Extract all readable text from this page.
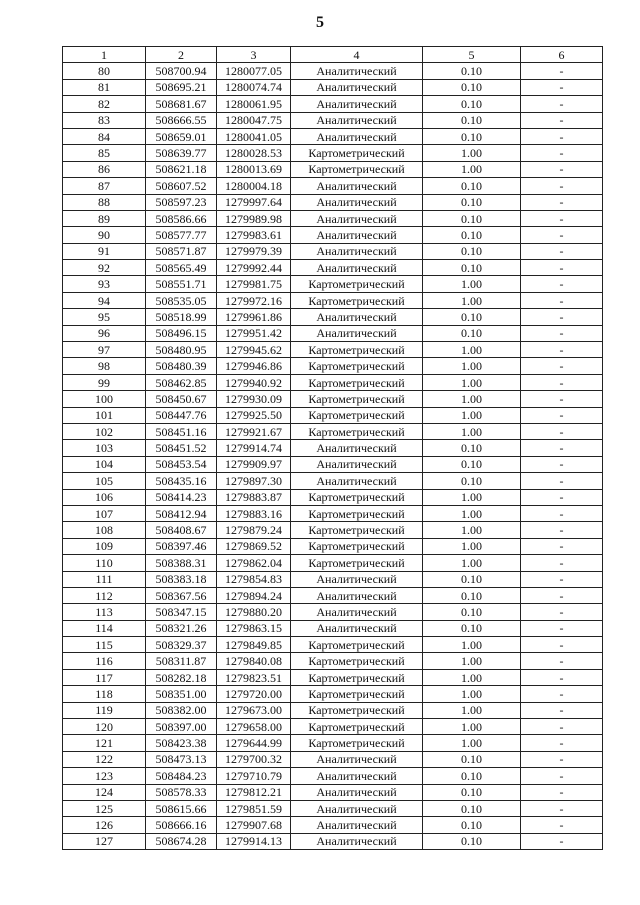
5
1	2	3	4	5	6
80	508700.94	1280077.05	Аналитический	0.10	-
81	508695.21	1280074.74	Аналитический	0.10	-
82	508681.67	1280061.95	Аналитический	0.10	-
83	508666.55	1280047.75	Аналитический	0.10	-
84	508659.01	1280041.05	Аналитический	0.10	-
85	508639.77	1280028.53	Картометрический	1.00	-
86	508621.18	1280013.69	Картометрический	1.00	-
87	508607.52	1280004.18	Аналитический	0.10	-
88	508597.23	1279997.64	Аналитический	0.10	-
89	508586.66	1279989.98	Аналитический	0.10	-
90	508577.77	1279983.61	Аналитический	0.10	-
91	508571.87	1279979.39	Аналитический	0.10	-
92	508565.49	1279992.44	Аналитический	0.10	-
93	508551.71	1279981.75	Картометрический	1.00	-
94	508535.05	1279972.16	Картометрический	1.00	-
95	508518.99	1279961.86	Аналитический	0.10	-
96	508496.15	1279951.42	Аналитический	0.10	-
97	508480.95	1279945.62	Картометрический	1.00	-
98	508480.39	1279946.86	Картометрический	1.00	-
99	508462.85	1279940.92	Картометрический	1.00	-
100	508450.67	1279930.09	Картометрический	1.00	-
101	508447.76	1279925.50	Картометрический	1.00	-
102	508451.16	1279921.67	Картометрический	1.00	-
103	508451.52	1279914.74	Аналитический	0.10	-
104	508453.54	1279909.97	Аналитический	0.10	-
105	508435.16	1279897.30	Аналитический	0.10	-
106	508414.23	1279883.87	Картометрический	1.00	-
107	508412.94	1279883.16	Картометрический	1.00	-
108	508408.67	1279879.24	Картометрический	1.00	-
109	508397.46	1279869.52	Картометрический	1.00	-
110	508388.31	1279862.04	Картометрический	1.00	-
111	508383.18	1279854.83	Аналитический	0.10	-
112	508367.56	1279894.24	Аналитический	0.10	-
113	508347.15	1279880.20	Аналитический	0.10	-
114	508321.26	1279863.15	Аналитический	0.10	-
115	508329.37	1279849.85	Картометрический	1.00	-
116	508311.87	1279840.08	Картометрический	1.00	-
117	508282.18	1279823.51	Картометрический	1.00	-
118	508351.00	1279720.00	Картометрический	1.00	-
119	508382.00	1279673.00	Картометрический	1.00	-
120	508397.00	1279658.00	Картометрический	1.00	-
121	508423.38	1279644.99	Картометрический	1.00	-
122	508473.13	1279700.32	Аналитический	0.10	-
123	508484.23	1279710.79	Аналитический	0.10	-
124	508578.33	1279812.21	Аналитический	0.10	-
125	508615.66	1279851.59	Аналитический	0.10	-
126	508666.16	1279907.68	Аналитический	0.10	-
127	508674.28	1279914.13	Аналитический	0.10	-
